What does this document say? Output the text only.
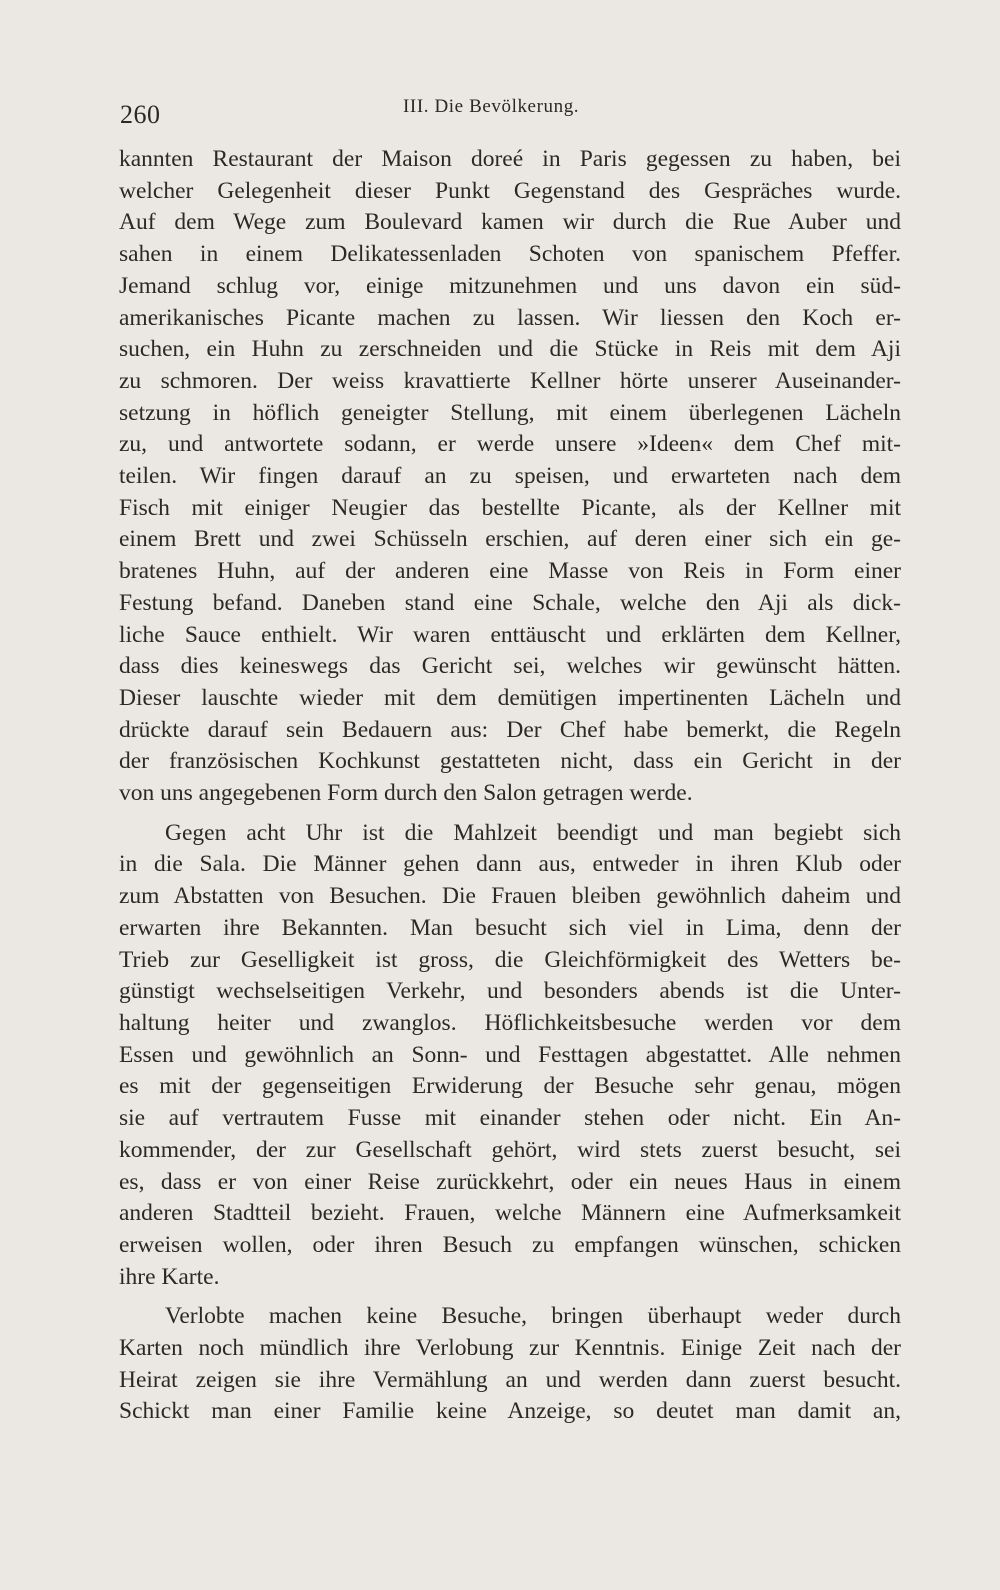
260	III. Die Bevölkerung.
kannten Restaurant der Maison doreé in Paris gegessen zu haben, bei
welcher Gelegenheit dieser Punkt Gegenstand des Gespräches wurde.
Auf dem Wege zum Boulevard kamen wir durch die Rue Auber und
sahen in einem Delikatessenladen Schoten von spanischem Pfeffer.
Jemand schlug vor, einige mitzunehmen und uns davon ein süd-
amerikanisches Picante machen zu lassen. Wir liessen den Koch er-
suchen, ein Huhn zu zerschneiden und die Stücke in Reis mit dem Aji
zu schmoren. Der weiss kravattierte Kellner hörte unserer Auseinander-
setzung in höflich geneigter Stellung, mit einem überlegenen Lächeln
zu, und antwortete sodann, er werde unsere »Ideen« dem Chef mit-
teilen. Wir fingen darauf an zu speisen, und erwarteten nach dem
Fisch mit einiger Neugier das bestellte Picante, als der Kellner mit
einem Brett und zwei Schüsseln erschien, auf deren einer sich ein ge-
bratenes Huhn, auf der anderen eine Masse von Reis in Form einer
Festung befand. Daneben stand eine Schale, welche den Aji als dick-
liche Sauce enthielt. Wir waren enttäuscht und erklärten dem Kellner,
dass dies keineswegs das Gericht sei, welches wir gewünscht hätten.
Dieser lauschte wieder mit dem demütigen impertinenten Lächeln und
drückte darauf sein Bedauern aus: Der Chef habe bemerkt, die Regeln
der französischen Kochkunst gestatteten nicht, dass ein Gericht in der
von uns angegebenen Form durch den Salon getragen werde.
Gegen acht Uhr ist die Mahlzeit beendigt und man begiebt sich
in die Sala. Die Männer gehen dann aus, entweder in ihren Klub oder
zum Abstatten von Besuchen. Die Frauen bleiben gewöhnlich daheim und
erwarten ihre Bekannten. Man besucht sich viel in Lima, denn der
Trieb zur Geselligkeit ist gross, die Gleichförmigkeit des Wetters be-
günstigt wechselseitigen Verkehr, und besonders abends ist die Unter-
haltung heiter und zwanglos. Höflichkeitsbesuche werden vor dem
Essen und gewöhnlich an Sonn- und Festtagen abgestattet. Alle nehmen
es mit der gegenseitigen Erwiderung der Besuche sehr genau, mögen
sie auf vertrautem Fusse mit einander stehen oder nicht. Ein An-
kommender, der zur Gesellschaft gehört, wird stets zuerst besucht, sei
es, dass er von einer Reise zurückkehrt, oder ein neues Haus in einem
anderen Stadtteil bezieht. Frauen, welche Männern eine Aufmerksamkeit
erweisen wollen, oder ihren Besuch zu empfangen wünschen, schicken
ihre Karte.
Verlobte machen keine Besuche, bringen überhaupt weder durch
Karten noch mündlich ihre Verlobung zur Kenntnis. Einige Zeit nach der
Heirat zeigen sie ihre Vermählung an und werden dann zuerst besucht.
Schickt man einer Familie keine Anzeige, so deutet man damit an,
